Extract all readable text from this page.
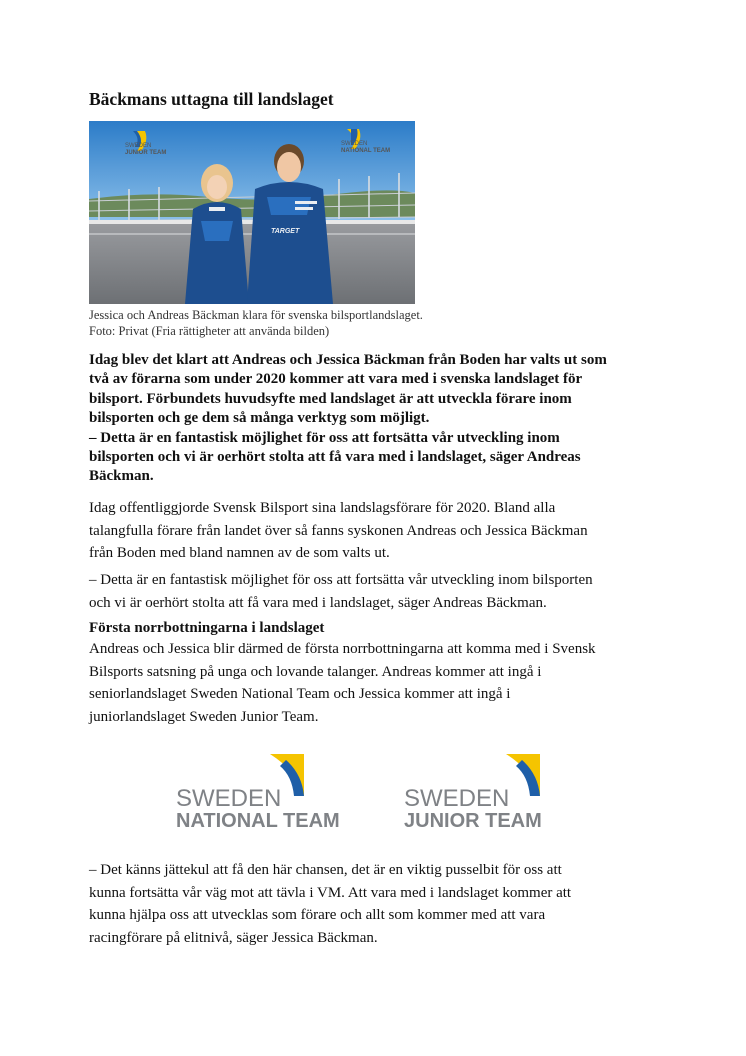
Bäckmans uttagna till landslaget
SWEDEN
JUNIOR TEAM
SWEDEN
NATIONAL TEAM
TARGET
Jessica och Andreas Bäckman klara för svenska bilsportlandslaget.
Foto: Privat (Fria rättigheter att använda bilden)
Idag blev det klart att Andreas och Jessica Bäckman från Boden har valts ut som
två av förarna som under 2020 kommer att vara med i svenska landslaget för
bilsport. Förbundets huvudsyfte med landslaget är att utveckla förare inom
bilsporten och ge dem så många verktyg som möjligt.
– Detta är en fantastisk möjlighet för oss att fortsätta vår utveckling inom
bilsporten och vi är oerhört stolta att få vara med i landslaget, säger Andreas
Bäckman.
Idag offentliggjorde Svensk Bilsport sina landslagsförare för 2020. Bland alla
talangfulla förare från landet över så fanns syskonen Andreas och Jessica Bäckman
från Boden med bland namnen av de som valts ut.
– Detta är en fantastisk möjlighet för oss att fortsätta vår utveckling inom bilsporten
och vi är oerhört stolta att få vara med i landslaget, säger Andreas Bäckman.
Första norrbottningarna i landslaget
Andreas och Jessica blir därmed de första norrbottningarna att komma med i Svensk
Bilsports satsning på unga och lovande talanger. Andreas kommer att ingå i
seniorlandslaget Sweden National Team och Jessica kommer att ingå i
juniorlandslaget Sweden Junior Team.
SWEDEN
NATIONAL TEAM
SWEDEN
JUNIOR TEAM
– Det känns jättekul att få den här chansen, det är en viktig pusselbit för oss att
kunna fortsätta vår väg mot att tävla i VM. Att vara med i landslaget kommer att
kunna hjälpa oss att utvecklas som förare och allt som kommer med att vara
racingförare på elitnivå, säger Jessica Bäckman.
